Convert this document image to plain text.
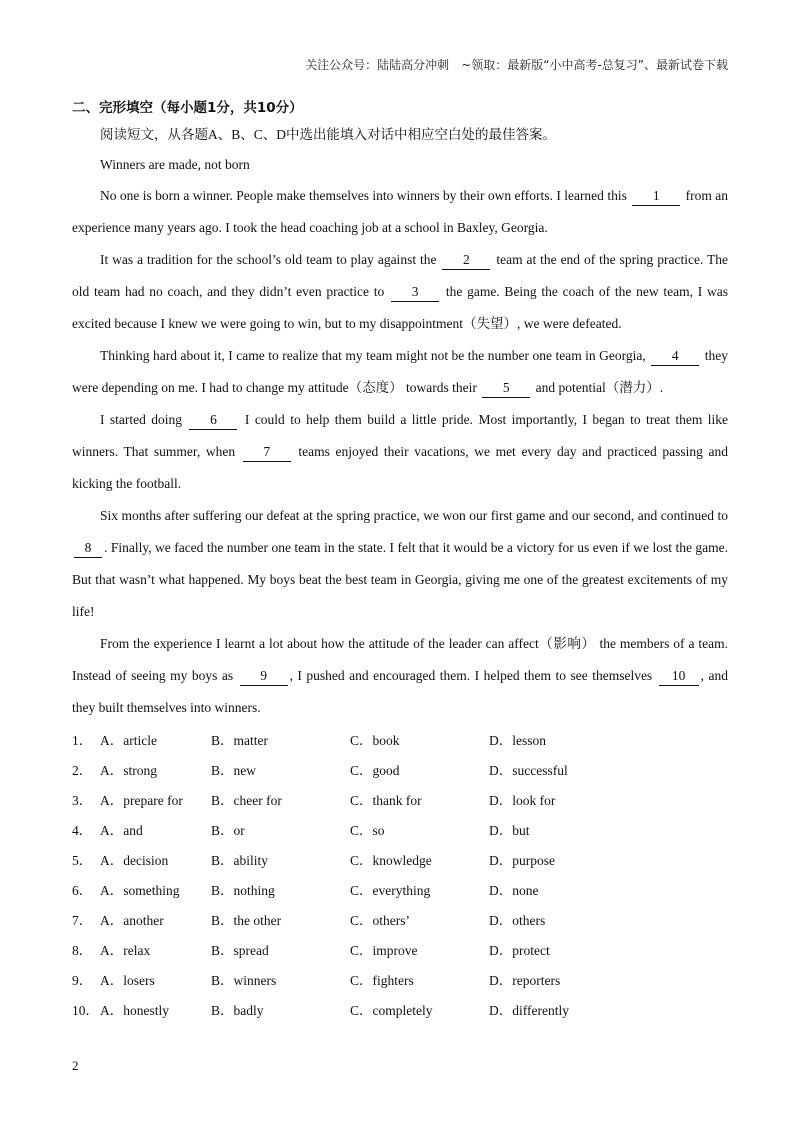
关注公众号：陆陆高分冲刺　~领取：最新版“小中高考-总复习”、最新试卷下载

二、完形填空（每小题1分，共10分）

阅读短文，从各题A、B、C、D中选出能填入对话中相应空白处的最佳答案。

Winners are made, not born

No one is born a winner. People make themselves into winners by their own efforts. I learned this 1 from an experience many years ago. I took the head coaching job at a school in Baxley, Georgia.

It was a tradition for the school’s old team to play against the 2 team at the end of the spring practice. The old team had no coach, and they didn’t even practice to 3 the game. Being the coach of the new team, I was excited because I knew we were going to win, but to my disappointment（失望）, we were defeated.

Thinking hard about it, I came to realize that my team might not be the number one team in Georgia, 4 they were depending on me. I had to change my attitude（态度） towards their 5 and potential（潜力）.

I started doing 6 I could to help them build a little pride. Most importantly, I began to treat them like winners. That summer, when 7 teams enjoyed their vacations, we met every day and practiced passing and kicking the football.

Six months after suffering our defeat at the spring practice, we won our first game and our second, and continued to 8 . Finally, we faced the number one team in the state. I felt that it would be a victory for us even if we lost the game. But that wasn’t what happened. My boys beat the best team in Georgia, giving me one of the greatest excitements of my life!

From the experience I learnt a lot about how the attitude of the leader can affect（影响） the members of a team. Instead of seeing my boys as 9 , I pushed and encouraged them. I helped them to see themselves 10 , and they built themselves into winners.

1． A．article	B．matter	C．book	D．lesson
2． A．strong	B．new	C．good	D．successful
3． A．prepare for	B．cheer for	C．thank for	D．look for
4． A．and	B．or	C．so	D．but
5． A．decision	B．ability	C．knowledge	D．purpose
6． A．something	B．nothing	C．everything	D．none
7． A．another	B．the other	C．others’	D．others
8． A．relax	B．spread	C．improve	D．protect
9． A．losers	B．winners	C．fighters	D．reporters
10． A．honestly	B．badly	C．completely	D．differently
2
